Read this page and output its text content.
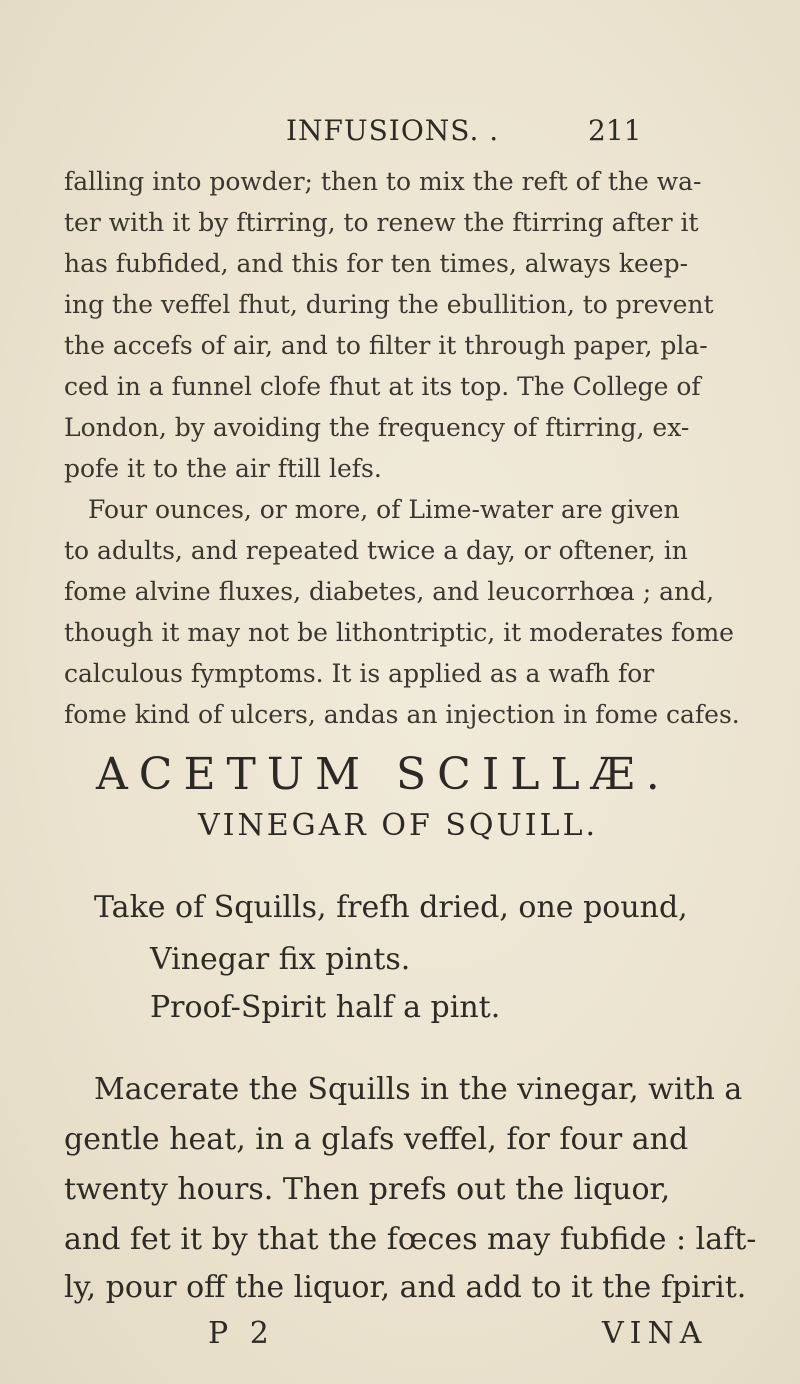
INFUSIONS. .	211
falling into powder; then to mix the reft of the wa-
ter with it by ftirring, to renew the ftirring after it
has fubfided, and this for ten times, always keep-
ing the veffel fhut, during the ebullition, to prevent
the accefs of air, and to filter it through paper, pla-
ced in a funnel clofe fhut at its top. The College of
London, by avoiding the frequency of ftirring, ex-
pofe it to the air ftill lefs.
Four ounces, or more, of Lime-water are given
to adults, and repeated twice a day, or oftener, in
fome alvine fluxes, diabetes, and leucorrhœa ; and,
though it may not be lithontriptic, it moderates fome
calculous fymptoms. It is applied as a wafh for
fome kind of ulcers, andas an injection in fome cafes.
ACETUM SCILLÆ.
VINEGAR OF SQUILL.
Take of Squills, frefh dried, one pound,
Vinegar fix pints.
Proof-Spirit half a pint.
Macerate the Squills in the vinegar, with a
gentle heat, in a glafs veffel, for four and
twenty hours. Then prefs out the liquor,
and fet it by that the fœces may fubfide : laft-
ly, pour off the liquor, and add to it the fpirit.
P 2	VINA
